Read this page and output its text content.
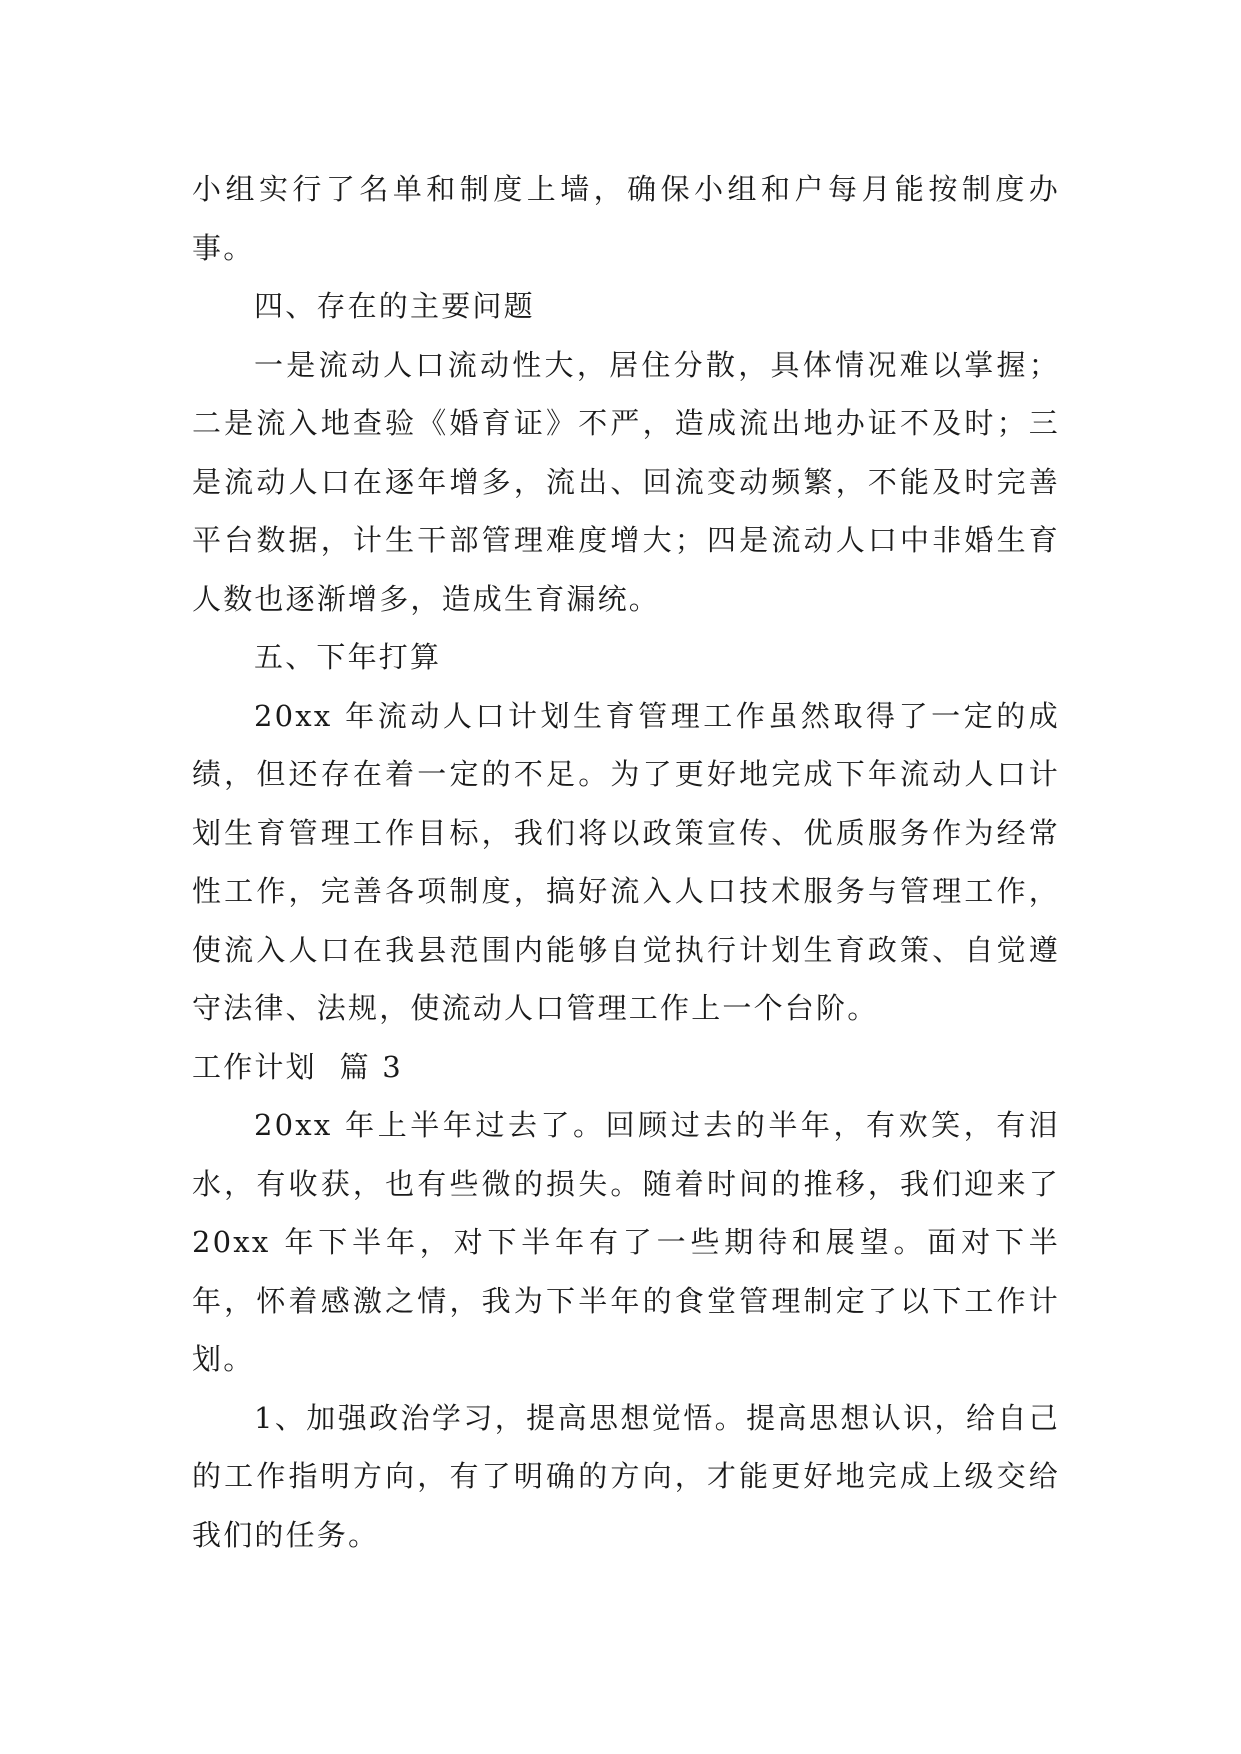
小组实行了名单和制度上墙，确保小组和户每月能按制度办事。

四、存在的主要问题

一是流动人口流动性大，居住分散，具体情况难以掌握；二是流入地查验《婚育证》不严，造成流出地办证不及时；三是流动人口在逐年增多，流出、回流变动频繁，不能及时完善平台数据，计生干部管理难度增大；四是流动人口中非婚生育人数也逐渐增多，造成生育漏统。

五、下年打算

20xx 年流动人口计划生育管理工作虽然取得了一定的成绩，但还存在着一定的不足。为了更好地完成下年流动人口计划生育管理工作目标，我们将以政策宣传、优质服务作为经常性工作，完善各项制度，搞好流入人口技术服务与管理工作，使流入人口在我县范围内能够自觉执行计划生育政策、自觉遵守法律、法规，使流动人口管理工作上一个台阶。

工作计划  篇 3

20xx 年上半年过去了。回顾过去的半年，有欢笑，有泪水，有收获，也有些微的损失。随着时间的推移，我们迎来了 20xx 年下半年，对下半年有了一些期待和展望。面对下半年，怀着感激之情，我为下半年的食堂管理制定了以下工作计划。

1、加强政治学习，提高思想觉悟。提高思想认识，给自己的工作指明方向，有了明确的方向，才能更好地完成上级交给我们的任务。
